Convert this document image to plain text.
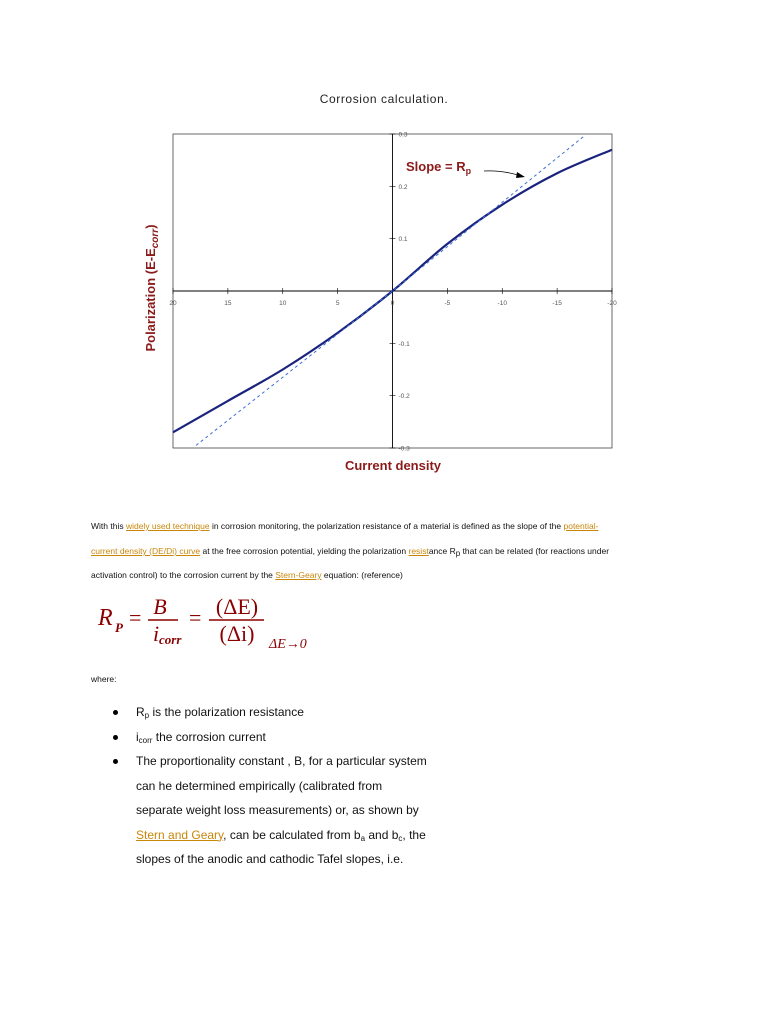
Corrosion calculation.
20	15	10	5	0	-5	-10	-15	-20
0.3
0.2
0.1
-0.1
-0.2
-0.3
Current density
Polarization $(E-E_{corr})$
Slope = $R_p$
With this widely used technique in corrosion monitoring, the polarization resistance of a material is defined as the slope of the potential-
current density (DE/Di) curve at the free corrosion potential, yielding the polarization resistance $R_p$ that can be related (for reactions under
activation control) to the corrosion current by the Stern-Geary equation: (reference)
R P = B
i corr
= (ΔE)
(Δi) ΔE→0
where:
$R_p$ is the polarization resistance
$i_{corr}$ the corrosion current
The proportionality constant , B, for a particular system
can he determined empirically (calibrated from
separate weight loss measurements) or, as shown by
Stern and Geary, can be calculated from $b_a$ and $b_c$, the
slopes of the anodic and cathodic Tafel slopes, i.e.
